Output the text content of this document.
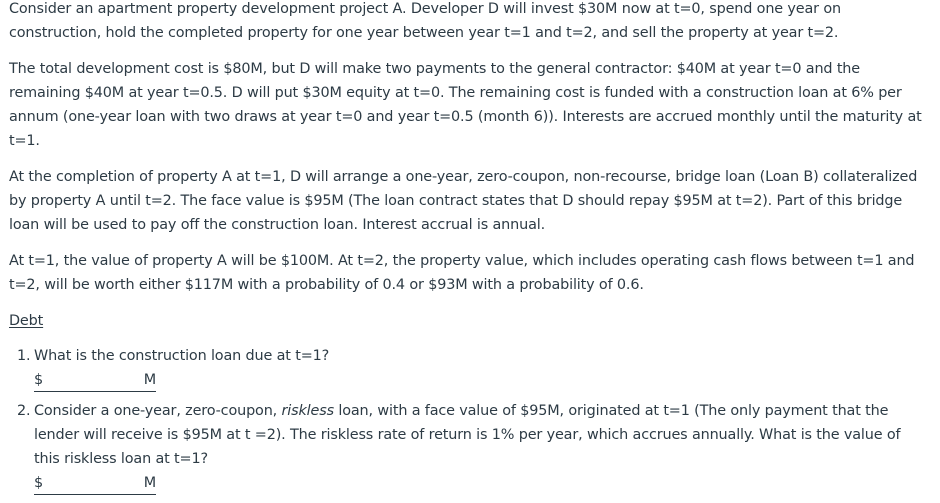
Consider an apartment property development project A. Developer D will invest $30M now at t=0, spend one year on construction, hold the completed property for one year between year t=1 and t=2, and sell the property at year t=2.

The total development cost is $80M, but D will make two payments to the general contractor: $40M at year t=0 and the remaining $40M at year t=0.5. D will put $30M equity at t=0. The remaining cost is funded with a construction loan at 6% per annum (one-year loan with two draws at year t=0 and year t=0.5 (month 6)). Interests are accrued monthly until the maturity at t=1.

At the completion of property A at t=1, D will arrange a one-year, zero-coupon, non-recourse, bridge loan (Loan B) collateralized by property A until t=2. The face value is $95M (The loan contract states that D should repay $95M at t=2). Part of this bridge loan will be used to pay off the construction loan. Interest accrual is annual.

At t=1, the value of property A will be $100M. At t=2, the property value, which includes operating cash flows between t=1 and t=2, will be worth either $117M with a probability of 0.4 or $93M with a probability of 0.6.

Debt
1. What is the construction loan due at t=1?

$	M
2. Consider a one-year, zero-coupon, riskless loan, with a face value of $95M, originated at t=1 (The only payment that the lender will receive is $95M at t =2). The riskless rate of return is 1% per year, which accrues annually. What is the value of this riskless loan at t=1?

$	M
